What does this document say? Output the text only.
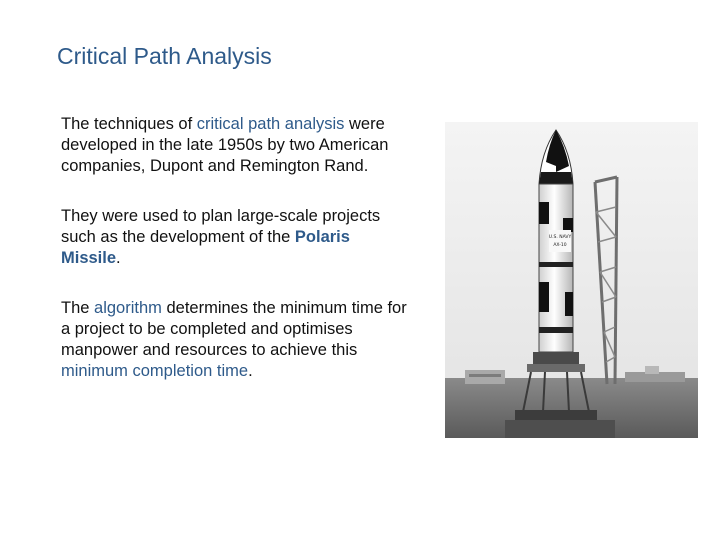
Critical Path Analysis

The techniques of critical path analysis were developed in the late 1950s by two American companies, Dupont and Remington Rand.

They were used to plan large-scale projects such as the development of the Polaris Missile.

The algorithm determines the minimum time for a project to be completed and optimises manpower and resources to achieve this minimum completion time.

U.S. NAVY
AX-10
